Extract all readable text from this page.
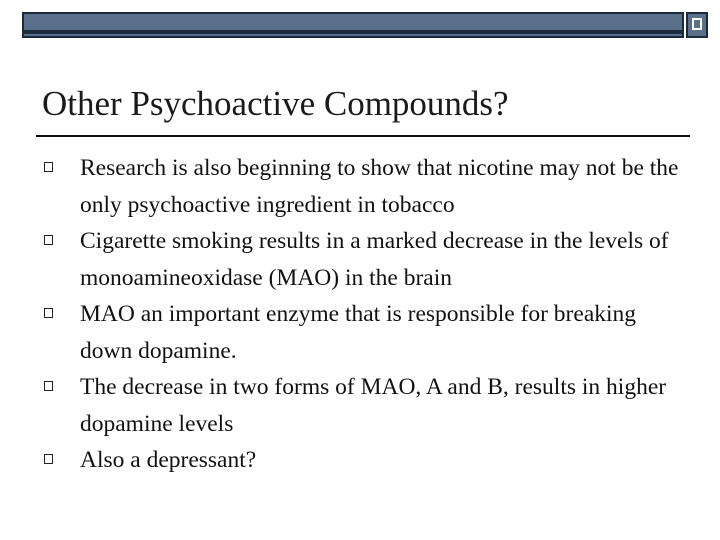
Other Psychoactive Compounds?
Research is also beginning to show that nicotine may not be the only psychoactive ingredient in tobacco
Cigarette smoking results in a marked decrease in the levels of monoamineoxidase (MAO) in the brain
MAO an important enzyme that is responsible for breaking down dopamine.
The decrease in two forms of MAO, A and B, results in higher dopamine levels
Also a depressant?
